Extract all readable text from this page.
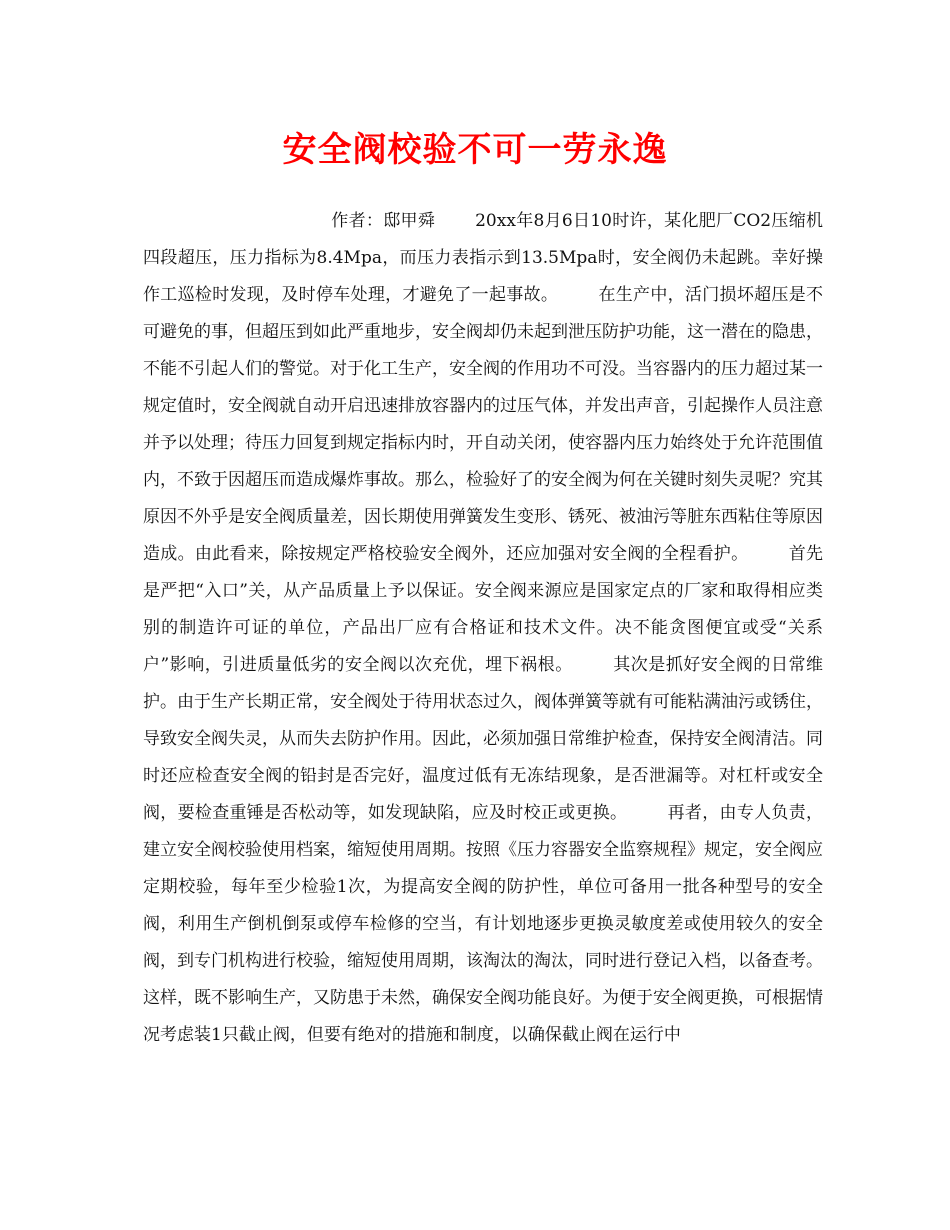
安全阀校验不可一劳永逸
作者：邸甲舜 20xx年8月6日10时许，某化肥厂CO2压缩机四段超压，压力指标为8.4Mpa，而压力表指示到13.5Mpa时，安全阀仍未起跳。幸好操作工巡检时发现，及时停车处理，才避免了一起事故。 在生产中，活门损坏超压是不可避免的事，但超压到如此严重地步，安全阀却仍未起到泄压防护功能，这一潜在的隐患，不能不引起人们的警觉。对于化工生产，安全阀的作用功不可没。当容器内的压力超过某一规定值时，安全阀就自动开启迅速排放容器内的过压气体，并发出声音，引起操作人员注意并予以处理；待压力回复到规定指标内时，开自动关闭，使容器内压力始终处于允许范围值内，不致于因超压而造成爆炸事故。那么，检验好了的安全阀为何在关键时刻失灵呢？究其原因不外乎是安全阀质量差，因长期使用弹簧发生变形、锈死、被油污等脏东西粘住等原因造成。由此看来，除按规定严格校验安全阀外，还应加强对安全阀的全程看护。 首先是严把“入口”关，从产品质量上予以保证。安全阀来源应是国家定点的厂家和取得相应类别的制造许可证的单位，产品出厂应有合格证和技术文件。决不能贪图便宜或受“关系户”影响，引进质量低劣的安全阀以次充优，埋下祸根。 其次是抓好安全阀的日常维护。由于生产长期正常，安全阀处于待用状态过久，阀体弹簧等就有可能粘满油污或锈住，导致安全阀失灵，从而失去防护作用。因此，必须加强日常维护检查，保持安全阀清洁。同时还应检查安全阀的铅封是否完好，温度过低有无冻结现象，是否泄漏等。对杠杆或安全阀，要检查重锤是否松动等，如发现缺陷，应及时校正或更换。 再者，由专人负责，建立安全阀校验使用档案，缩短使用周期。按照《压力容器安全监察规程》规定，安全阀应定期校验，每年至少检验1次，为提高安全阀的防护性，单位可备用一批各种型号的安全阀，利用生产倒机倒泵或停车检修的空当，有计划地逐步更换灵敏度差或使用较久的安全阀，到专门机构进行校验，缩短使用周期，该淘汰的淘汰，同时进行登记入档，以备查考。这样，既不影响生产，又防患于未然，确保安全阀功能良好。为便于安全阀更换，可根据情况考虑装1只截止阀，但要有绝对的措施和制度，以确保截止阀在运行中
